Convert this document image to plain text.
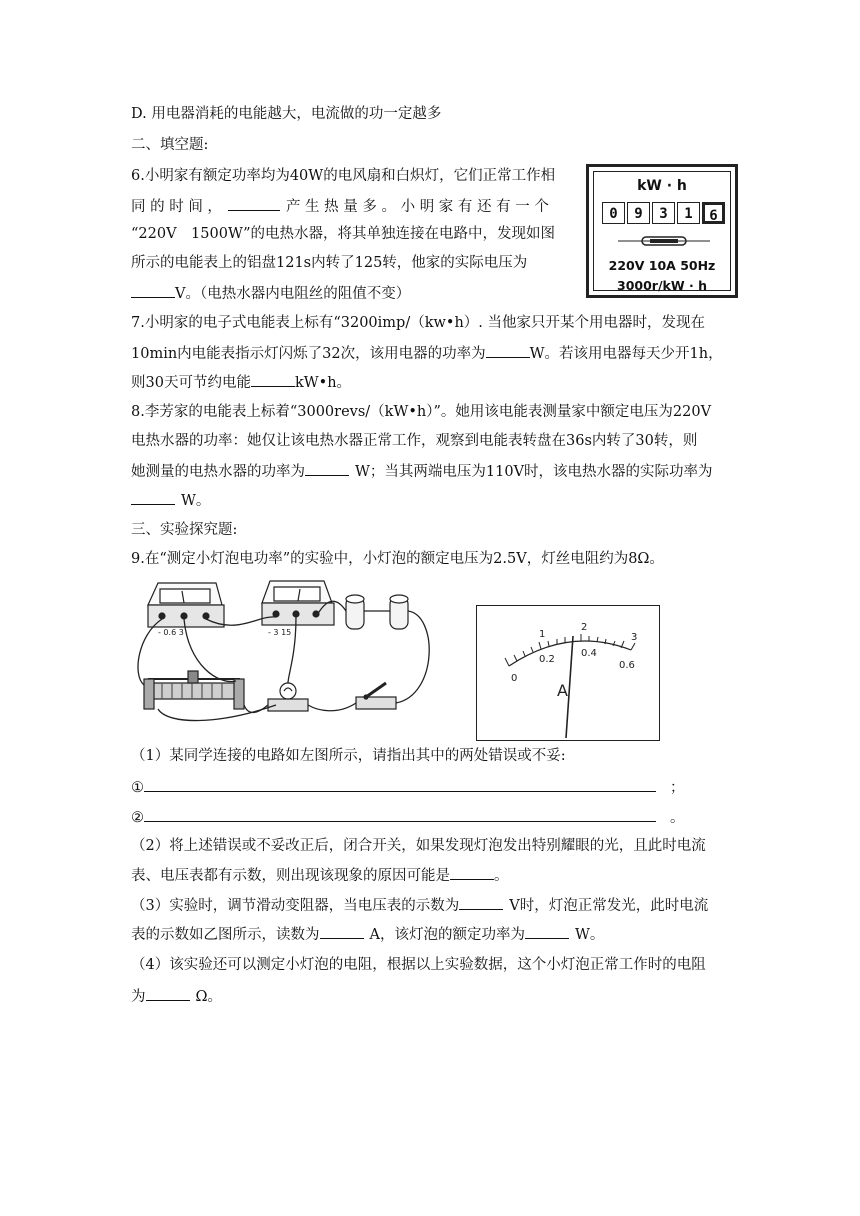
D. 用电器消耗的电能越大，电流做的功一定越多
二、填空题:
6.小明家有额定功率均为40W的电风扇和白炽灯，它们正常工作相
同 的 时 间 ，	产 生 热 量 多 。 小 明 家 有 还 有 一 个
“220V　1500W”的电热水器，将其单独连接在电路中，发现如图
所示的电能表上的铝盘121s内转了125转，他家的实际电压为
V。（电热水器内电阻丝的阻值不变）
kW · h
0	9	3	1	6
220V 10A 50Hz
3000r/kW · h
7.小明家的电子式电能表上标有“3200imp/（kw•h）. 当他家只开某个用电器时，发现在
10min内电能表指示灯闪烁了32次，该用电器的功率为	W。若该用电器每天少开1h，
则30天可节约电能	kW•h。
8.李芳家的电能表上标着“3000revs/（kW•h）”。她用该电能表测量家中额定电压为220V
电热水器的功率：她仅让该电热水器正常工作，观察到电能表转盘在36s内转了30转，则
她测量的电热水器的功率为	W；当其两端电压为110V时，该电热水器的实际功率为
W。
三、实验探究题:
9.在“测定小灯泡电功率”的实验中，小灯泡的额定电压为2.5V，灯丝电阻约为8Ω。
- 0.6 3	- 3 15	1
2
3
0
0.2
0.4
0.6
A
（1）某同学连接的电路如左图所示，请指出其中的两处错误或不妥:
①	；
②	。
（2）将上述错误或不妥改正后，闭合开关，如果发现灯泡发出特别耀眼的光，且此时电流
表、电压表都有示数，则出现该现象的原因可能是	。
（3）实验时，调节滑动变阻器，当电压表的示数为	V时，灯泡正常发光，此时电流
表的示数如乙图所示，读数为	A，该灯泡的额定功率为	W。
（4）该实验还可以测定小灯泡的电阻，根据以上实验数据，这个小灯泡正常工作时的电阻
为	Ω。
